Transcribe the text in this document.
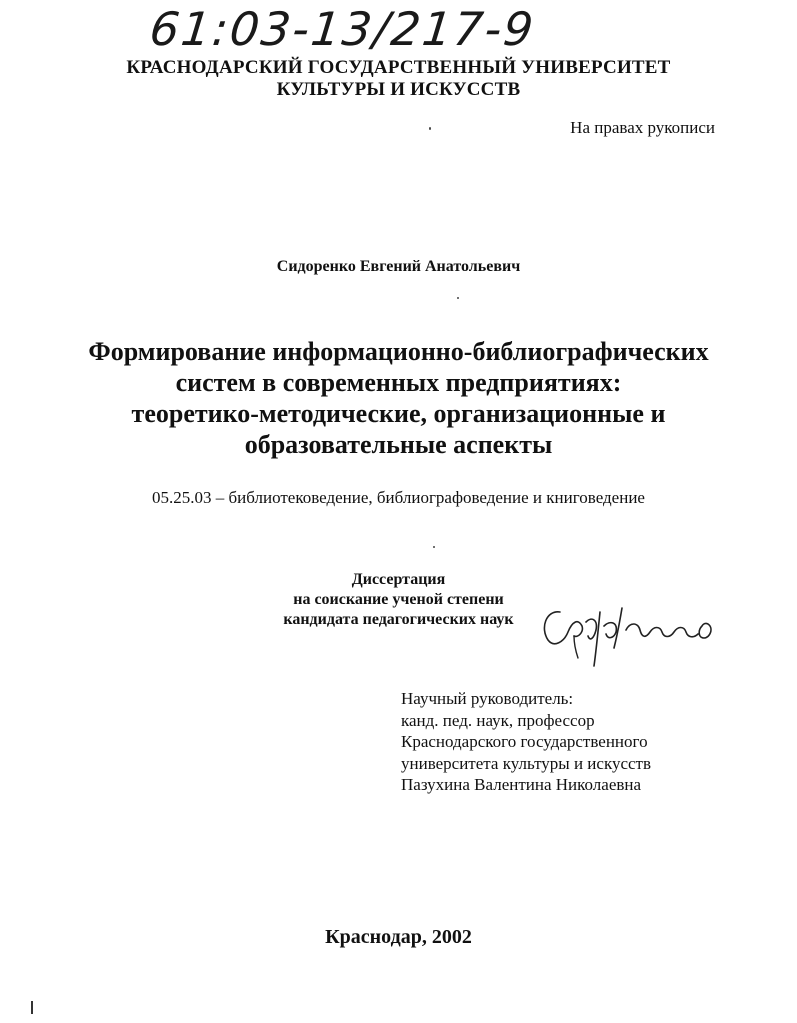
61:03-13/217-9
КРАСНОДАРСКИЙ ГОСУДАРСТВЕННЫЙ УНИВЕРСИТЕТ
КУЛЬТУРЫ И ИСКУССТВ
На правах рукописи
Сидоренко Евгений Анатольевич
Формирование информационно-библиографических
систем в современных предприятиях:
теоретико-методические, организационные и
образовательные аспекты
05.25.03 – библиотековедение, библиографоведение и книговедение
Диссертация
на соискание ученой степени
кандидата педагогических наук
Научный руководитель:
канд. пед. наук, профессор
Краснодарского государственного
университета культуры и искусств
Пазухина Валентина Николаевна
Краснодар, 2002
